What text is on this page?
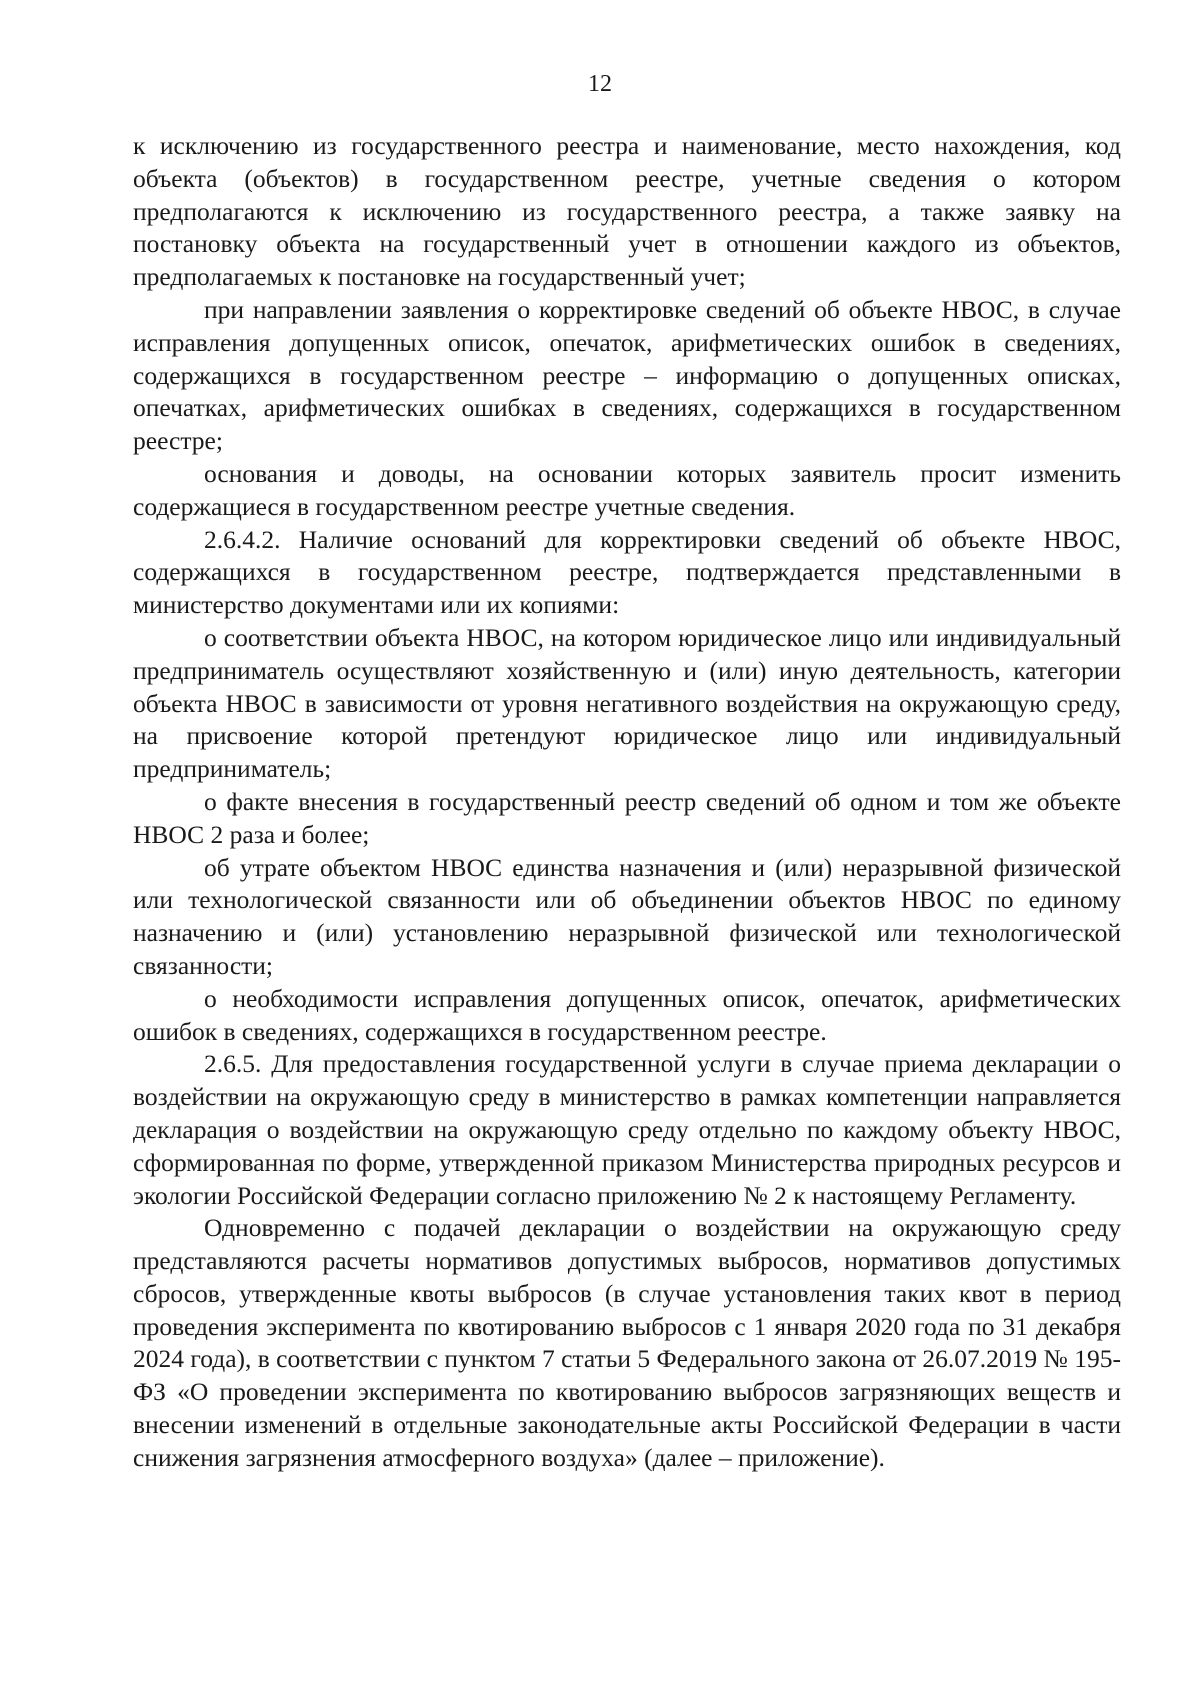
12

к исключению из государственного реестра и наименование, место нахождения, код объекта (объектов) в государственном реестре, учетные сведения о котором предполагаются к исключению из государственного реестра, а также заявку на постановку объекта на государственный учет в отношении каждого из объектов, предполагаемых к постановке на государственный учет;

при направлении заявления о корректировке сведений об объекте НВОС, в случае исправления допущенных описок, опечаток, арифметических ошибок в сведениях, содержащихся в государственном реестре – информацию о допущенных описках, опечатках, арифметических ошибках в сведениях, содержащихся в государственном реестре;

основания и доводы, на основании которых заявитель просит изменить содержащиеся в государственном реестре учетные сведения.

2.6.4.2. Наличие оснований для корректировки сведений об объекте НВОС, содержащихся в государственном реестре, подтверждается представленными в министерство документами или их копиями:

о соответствии объекта НВОС, на котором юридическое лицо или индивидуальный предприниматель осуществляют хозяйственную и (или) иную деятельность, категории объекта НВОС в зависимости от уровня негативного воздействия на окружающую среду, на присвоение которой претендуют юридическое лицо или индивидуальный предприниматель;

о факте внесения в государственный реестр сведений об одном и том же объекте НВОС 2 раза и более;

об утрате объектом НВОС единства назначения и (или) неразрывной физической или технологической связанности или об объединении объектов НВОС по единому назначению и (или) установлению неразрывной физической или технологической связанности;

о необходимости исправления допущенных описок, опечаток, арифметических ошибок в сведениях, содержащихся в государственном реестре.

2.6.5. Для предоставления государственной услуги в случае приема декларации о воздействии на окружающую среду в министерство в рамках компетенции направляется декларация о воздействии на окружающую среду отдельно по каждому объекту НВОС, сформированная по форме, утвержденной приказом Министерства природных ресурсов и экологии Российской Федерации согласно приложению № 2 к настоящему Регламенту.

Одновременно с подачей декларации о воздействии на окружающую среду представляются расчеты нормативов допустимых выбросов, нормативов допустимых сбросов, утвержденные квоты выбросов (в случае установления таких квот в период проведения эксперимента по квотированию выбросов с 1 января 2020 года по 31 декабря 2024 года), в соответствии с пунктом 7 статьи 5 Федерального закона от 26.07.2019 № 195-ФЗ «О проведении эксперимента по квотированию выбросов загрязняющих веществ и внесении изменений в отдельные законодательные акты Российской Федерации в части снижения загрязнения атмосферного воздуха» (далее – приложение).
